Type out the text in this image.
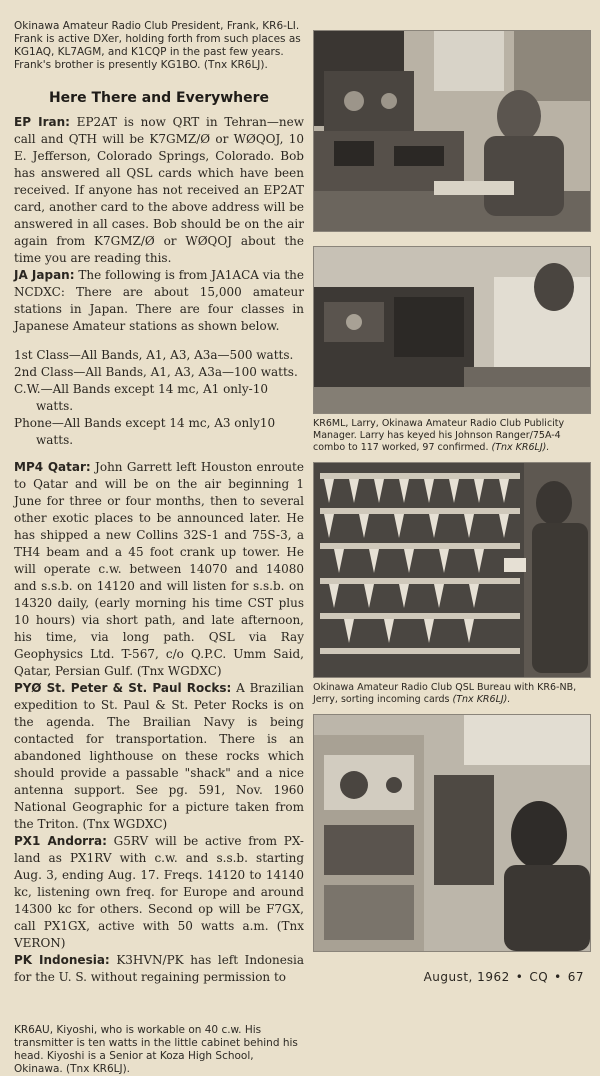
Okinawa Amateur Radio Club President, Frank, KR6-LI. Frank is active DXer, holding forth from such places as KG1AQ, KL7AGM, and K1CQP in the past few years. Frank's brother is presently KG1BO. (Tnx KR6LJ).

Here There and Everywhere

EP Iran: EP2AT is now QRT in Tehran—new call and QTH will be K7GMZ/Ø or WØQOJ, 10 E. Jefferson, Colorado Springs, Colorado. Bob has answered all QSL cards which have been received. If anyone has not received an EP2AT card, another card to the above address will be answered in all cases. Bob should be on the air again from K7GMZ/Ø or WØQOJ about the time you are reading this.

JA Japan: The following is from JA1ACA via the NCDXC: There are about 15,000 amateur stations in Japan. There are four classes in Japanese Amateur stations as shown below.

1st Class—All Bands, A1, A3, A3a—500 watts.
2nd Class—All Bands, A1, A3, A3a—100 watts.
C.W.—All Bands except 14 mc, A1 only-10 watts.
Phone—All Bands except 14 mc, A3 only10 watts.

MP4 Qatar: John Garrett left Houston enroute to Qatar and will be on the air beginning 1 June for three or four months, then to several other exotic places to be announced later. He has shipped a new Collins 32S-1 and 75S-3, a TH4 beam and a 45 foot crank up tower. He will operate c.w. between 14070 and 14080 and s.s.b. on 14120 and will listen for s.s.b. on 14320 daily, (early morning his time CST plus 10 hours) via short path, and late afternoon, his time, via long path. QSL via Ray Geophysics Ltd. T-567, c/o Q.P.C. Umm Said, Qatar, Persian Gulf. (Tnx WGDXC)

PYØ St. Peter & St. Paul Rocks: A Brazilian expedition to St. Paul & St. Peter Rocks is on the agenda. The Brailian Navy is being contacted for transportation. There is an abandoned lighthouse on these rocks which should provide a passable "shack" and a nice antenna support. See pg. 591, Nov. 1960 National Geographic for a picture taken from the Triton. (Tnx WGDXC)

PX1 Andorra: G5RV will be active from PX-land as PX1RV with c.w. and s.s.b. starting Aug. 3, ending Aug. 17. Freqs. 14120 to 14140 kc, listening own freq. for Europe and around 14300 kc for others. Second op will be F7GX, call PX1GX, active with 50 watts a.m. (Tnx VERON)

PK Indonesia: K3HVN/PK has left Indonesia for the U. S. without regaining permission to

KR6AU, Kiyoshi, who is workable on 40 c.w. His transmitter is ten watts in the little cabinet behind his head. Kiyoshi is a Senior at Koza High School, Okinawa. (Tnx KR6LJ).

KR6ML, Larry, Okinawa Amateur Radio Club Publicity Manager. Larry has keyed his Johnson Ranger/75A-4 combo to 117 worked, 97 confirmed. (Tnx KR6LJ).
Okinawa Amateur Radio Club QSL Bureau with KR6-NB, Jerry, sorting incoming cards (Tnx KR6LJ).
August, 1962 • CQ • 67
